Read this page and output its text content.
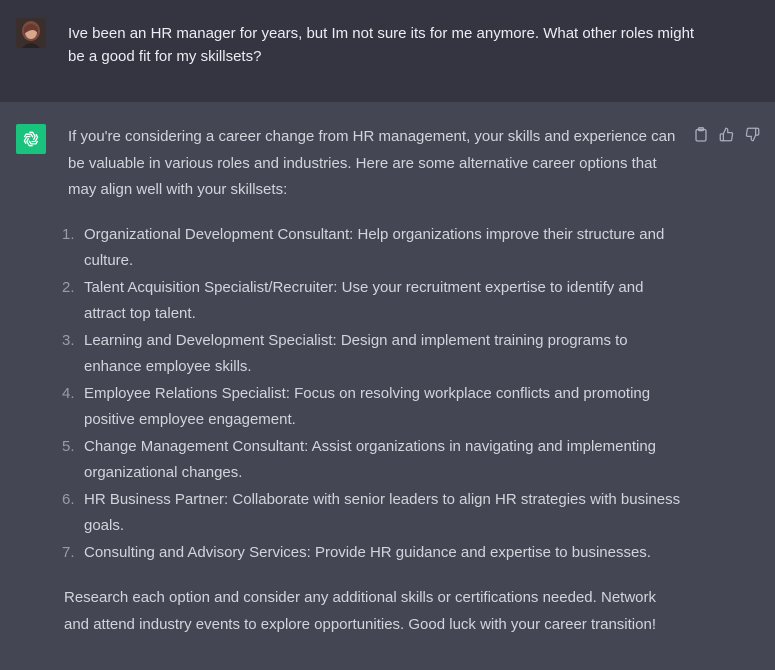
Ive been an HR manager for years, but Im not sure its for me anymore. What other roles might be a good fit for my skillsets?

If you're considering a career change from HR management, your skills and experience can be valuable in various roles and industries. Here are some alternative career options that may align well with your skillsets:

1. Organizational Development Consultant: Help organizations improve their structure and culture.
2. Talent Acquisition Specialist/Recruiter: Use your recruitment expertise to identify and attract top talent.
3. Learning and Development Specialist: Design and implement training programs to enhance employee skills.
4. Employee Relations Specialist: Focus on resolving workplace conflicts and promoting positive employee engagement.
5. Change Management Consultant: Assist organizations in navigating and implementing organizational changes.
6. HR Business Partner: Collaborate with senior leaders to align HR strategies with business goals.
7. Consulting and Advisory Services: Provide HR guidance and expertise to businesses.

Research each option and consider any additional skills or certifications needed. Network and attend industry events to explore opportunities. Good luck with your career transition!
